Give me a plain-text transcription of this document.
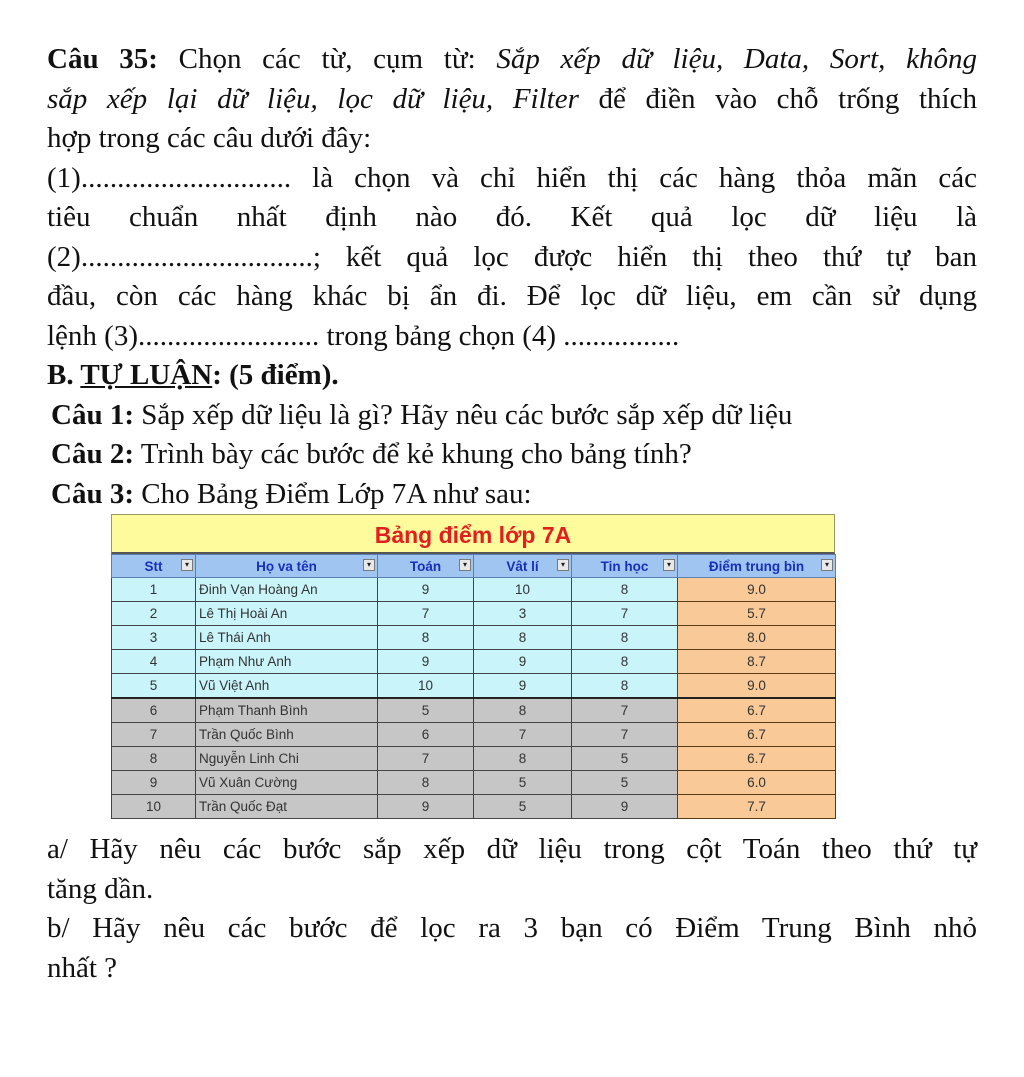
Câu 35: Chọn các từ, cụm từ: Sắp xếp dữ liệu, Data, Sort, không
sắp xếp lại dữ liệu, lọc dữ liệu, Filter để điền vào chỗ trống thích
hợp trong các câu dưới đây:
(1)............................. là chọn và chỉ hiển thị các hàng thỏa mãn các
tiêu chuẩn nhất định nào đó. Kết quả lọc dữ liệu là
(2)................................; kết quả lọc được hiển thị theo thứ tự ban
đầu, còn các hàng khác bị ẩn đi. Để lọc dữ liệu, em cần sử dụng
lệnh (3)......................... trong bảng chọn (4) ................
B. TỰ LUẬN: (5 điểm).
Câu 1: Sắp xếp dữ liệu là gì? Hãy nêu các bước sắp xếp dữ liệu
Câu 2: Trình bày các bước để kẻ khung cho bảng tính?
Câu 3: Cho Bảng Điểm Lớp 7A như sau:
Bảng điểm lớp 7A
Stt ▾	Họ va tên ▾	Toán ▾	Vât lí ▾	Tin học ▾	Điểm trung bìn ▾

1	Đinh Vạn Hoàng An	9	10	8	9.0
2	Lê Thị Hoài An	7	3	7	5.7
3	Lê Thái Anh	8	8	8	8.0
4	Phạm Như Anh	9	9	8	8.7
5	Vũ Việt Anh	10	9	8	9.0
6	Phạm Thanh Bình	5	8	7	6.7
7	Trần Quốc Bình	6	7	7	6.7
8	Nguyễn Linh Chi	7	8	5	6.7
9	Vũ Xuân Cường	8	5	5	6.0
10	Trần Quốc Đạt	9	5	9	7.7
a/ Hãy nêu các bước sắp xếp dữ liệu trong cột Toán theo thứ tự
tăng dần.
b/ Hãy nêu các bước để lọc ra 3 bạn có Điểm Trung Bình nhỏ
nhất ?
